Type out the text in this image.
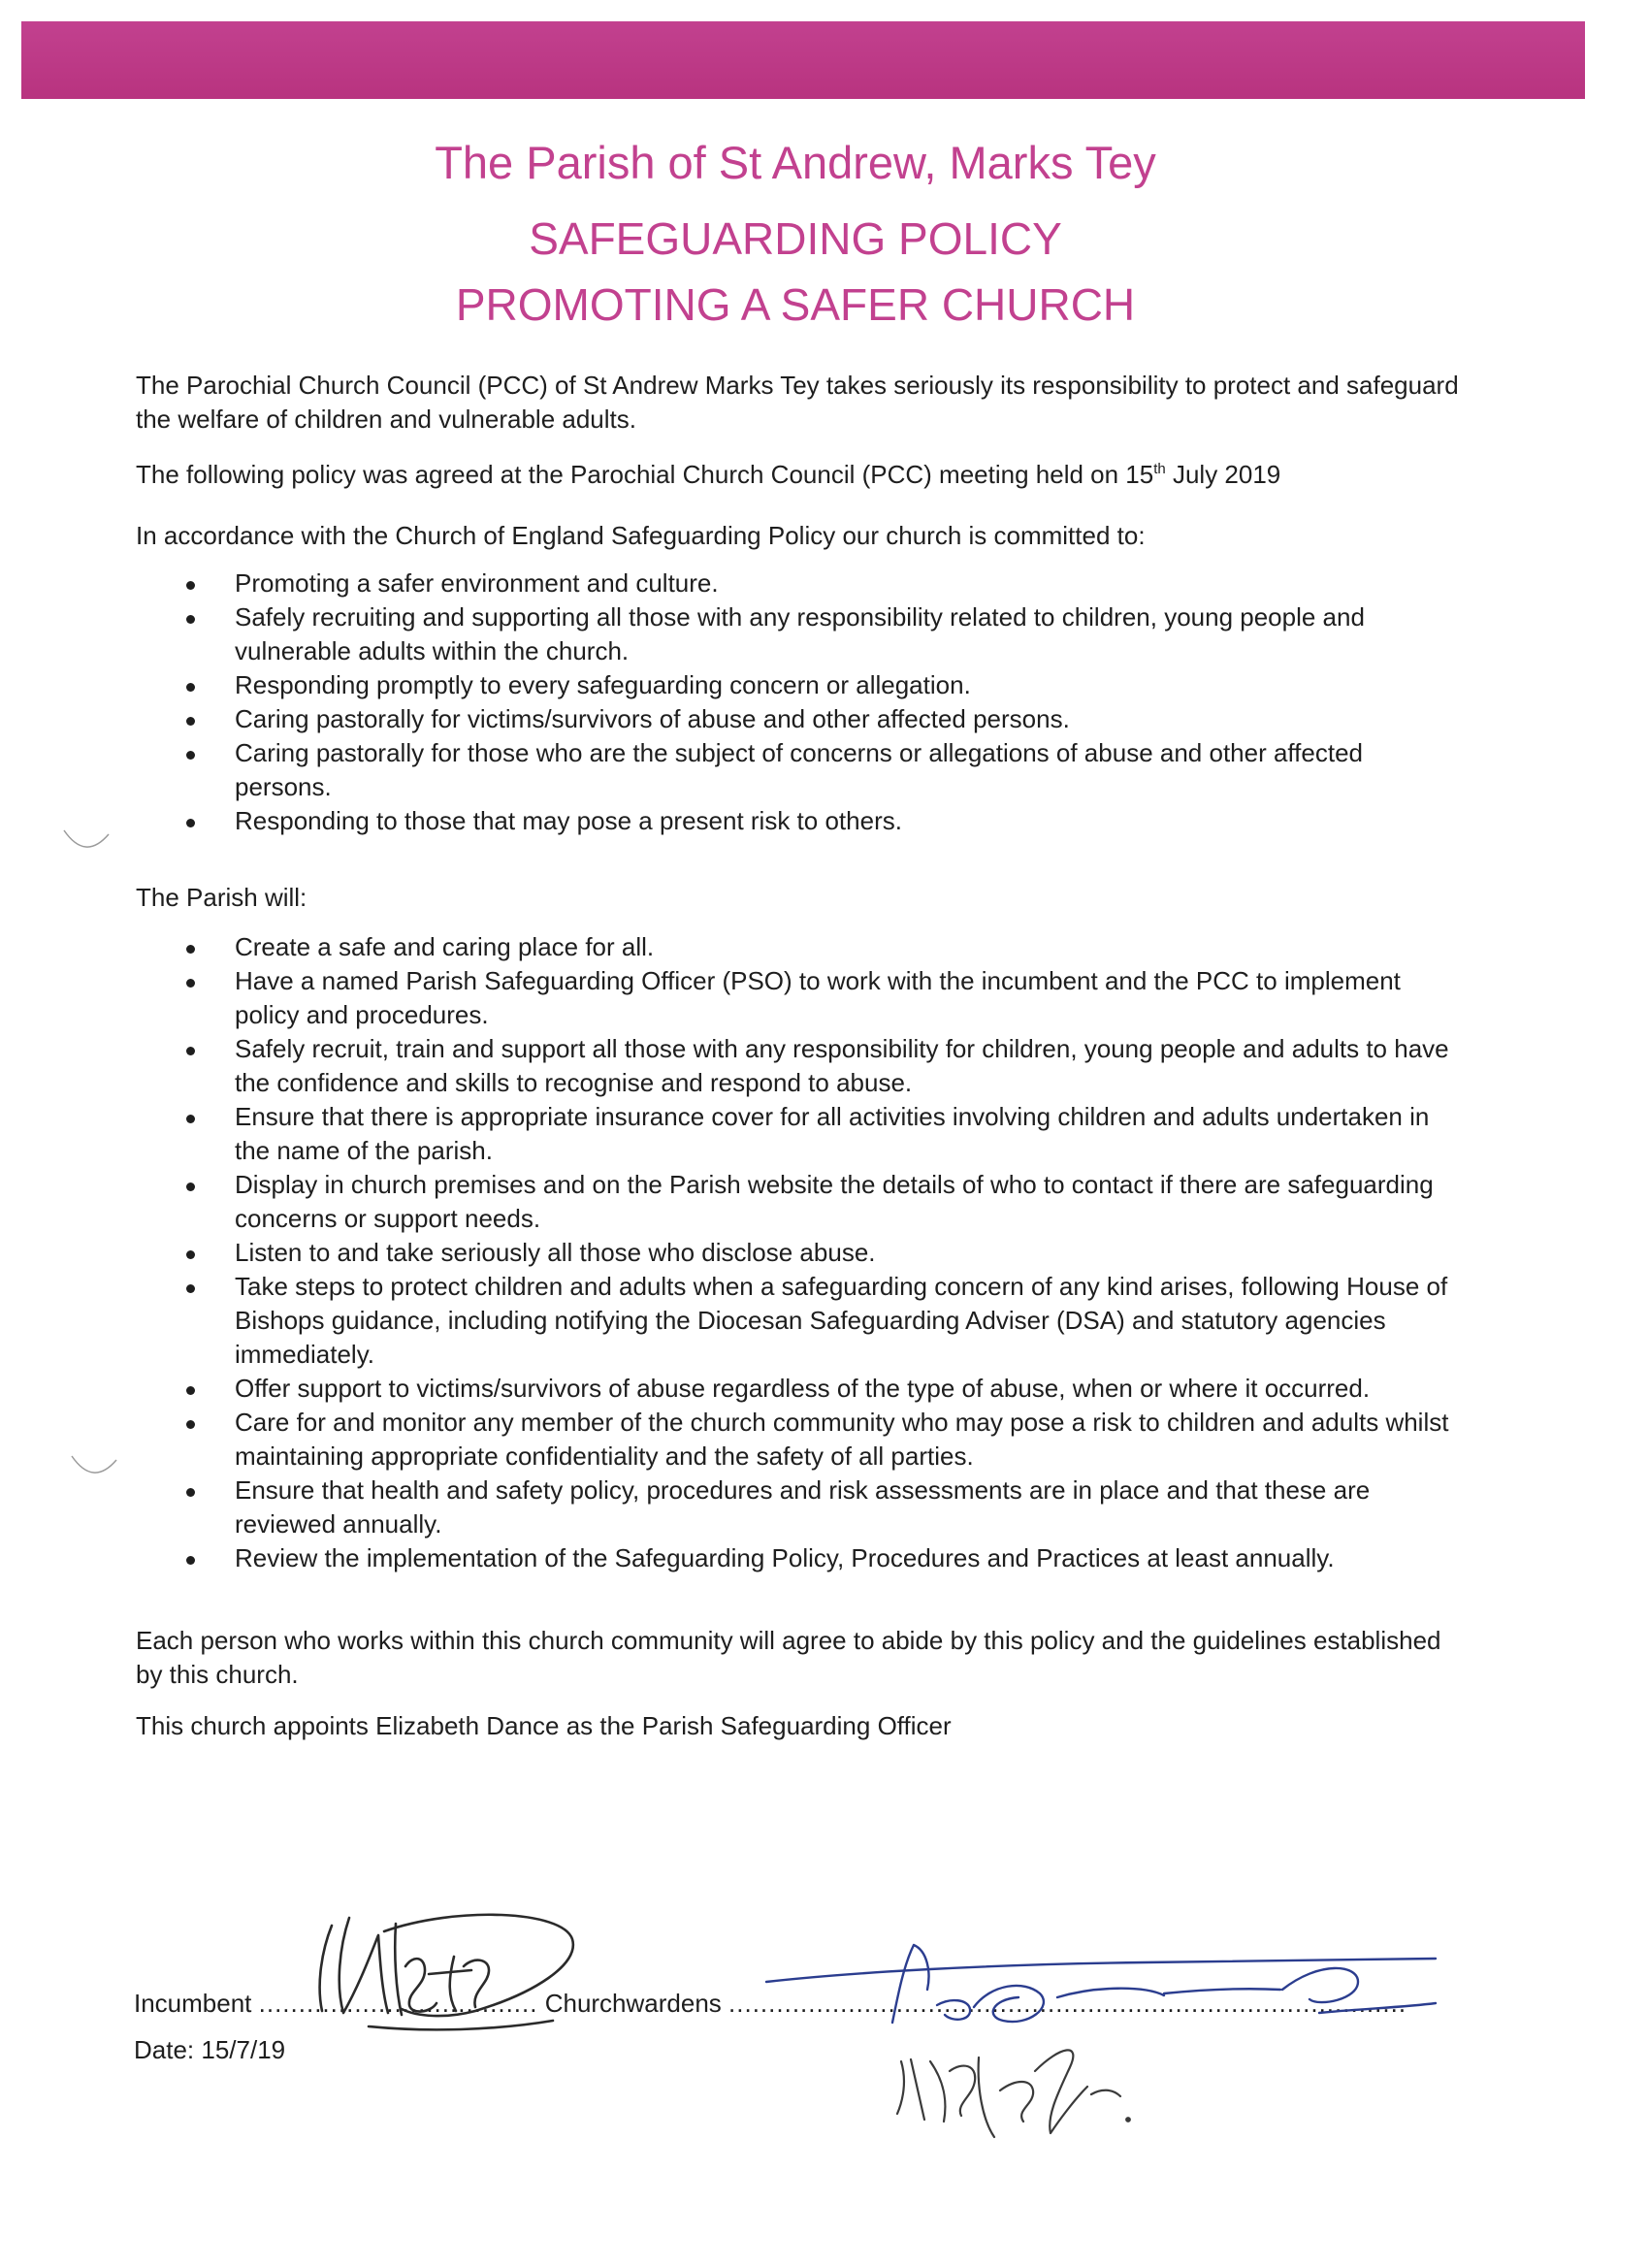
The Parish of St Andrew, Marks Tey
SAFEGUARDING POLICY
PROMOTING A SAFER CHURCH

The Parochial Church Council (PCC) of St Andrew Marks Tey takes seriously its responsibility to protect and safeguard the welfare of children and vulnerable adults.

The following policy was agreed at the Parochial Church Council (PCC) meeting held on 15th July 2019

In accordance with the Church of England Safeguarding Policy our church is committed to:

Promoting a safer environment and culture.
Safely recruiting and supporting all those with any responsibility related to children, young people and vulnerable adults within the church.
Responding promptly to every safeguarding concern or allegation.
Caring pastorally for victims/survivors of abuse and other affected persons.
Caring pastorally for those who are the subject of concerns or allegations of abuse and other affected persons.
Responding to those that may pose a present risk to others.

The Parish will:

Create a safe and caring place for all.
Have a named Parish Safeguarding Officer (PSO) to work with the incumbent and the PCC to implement policy and procedures.
Safely recruit, train and support all those with any responsibility for children, young people and adults to have the confidence and skills to recognise and respond to abuse.
Ensure that there is appropriate insurance cover for all activities involving children and adults undertaken in the name of the parish.
Display in church premises and on the Parish website the details of who to contact if there are safeguarding concerns or support needs.
Listen to and take seriously all those who disclose abuse.
Take steps to protect children and adults when a safeguarding concern of any kind arises, following House of Bishops guidance, including notifying the Diocesan Safeguarding Adviser (DSA) and statutory agencies immediately.
Offer support to victims/survivors of abuse regardless of the type of abuse, when or where it occurred.
Care for and monitor any member of the church community who may pose a risk to children and adults whilst maintaining appropriate confidentiality and the safety of all parties.
Ensure that health and safety policy, procedures and risk assessments are in place and that these are reviewed annually.
Review the implementation of the Safeguarding Policy, Procedures and Practices at least annually.

Each person who works within this church community will agree to abide by this policy and the guidelines established by this church.

This church appoints Elizabeth Dance as the Parish Safeguarding Officer

Incumbent ................................... Churchwardens .....................................................................................
Date: 15/7/19
